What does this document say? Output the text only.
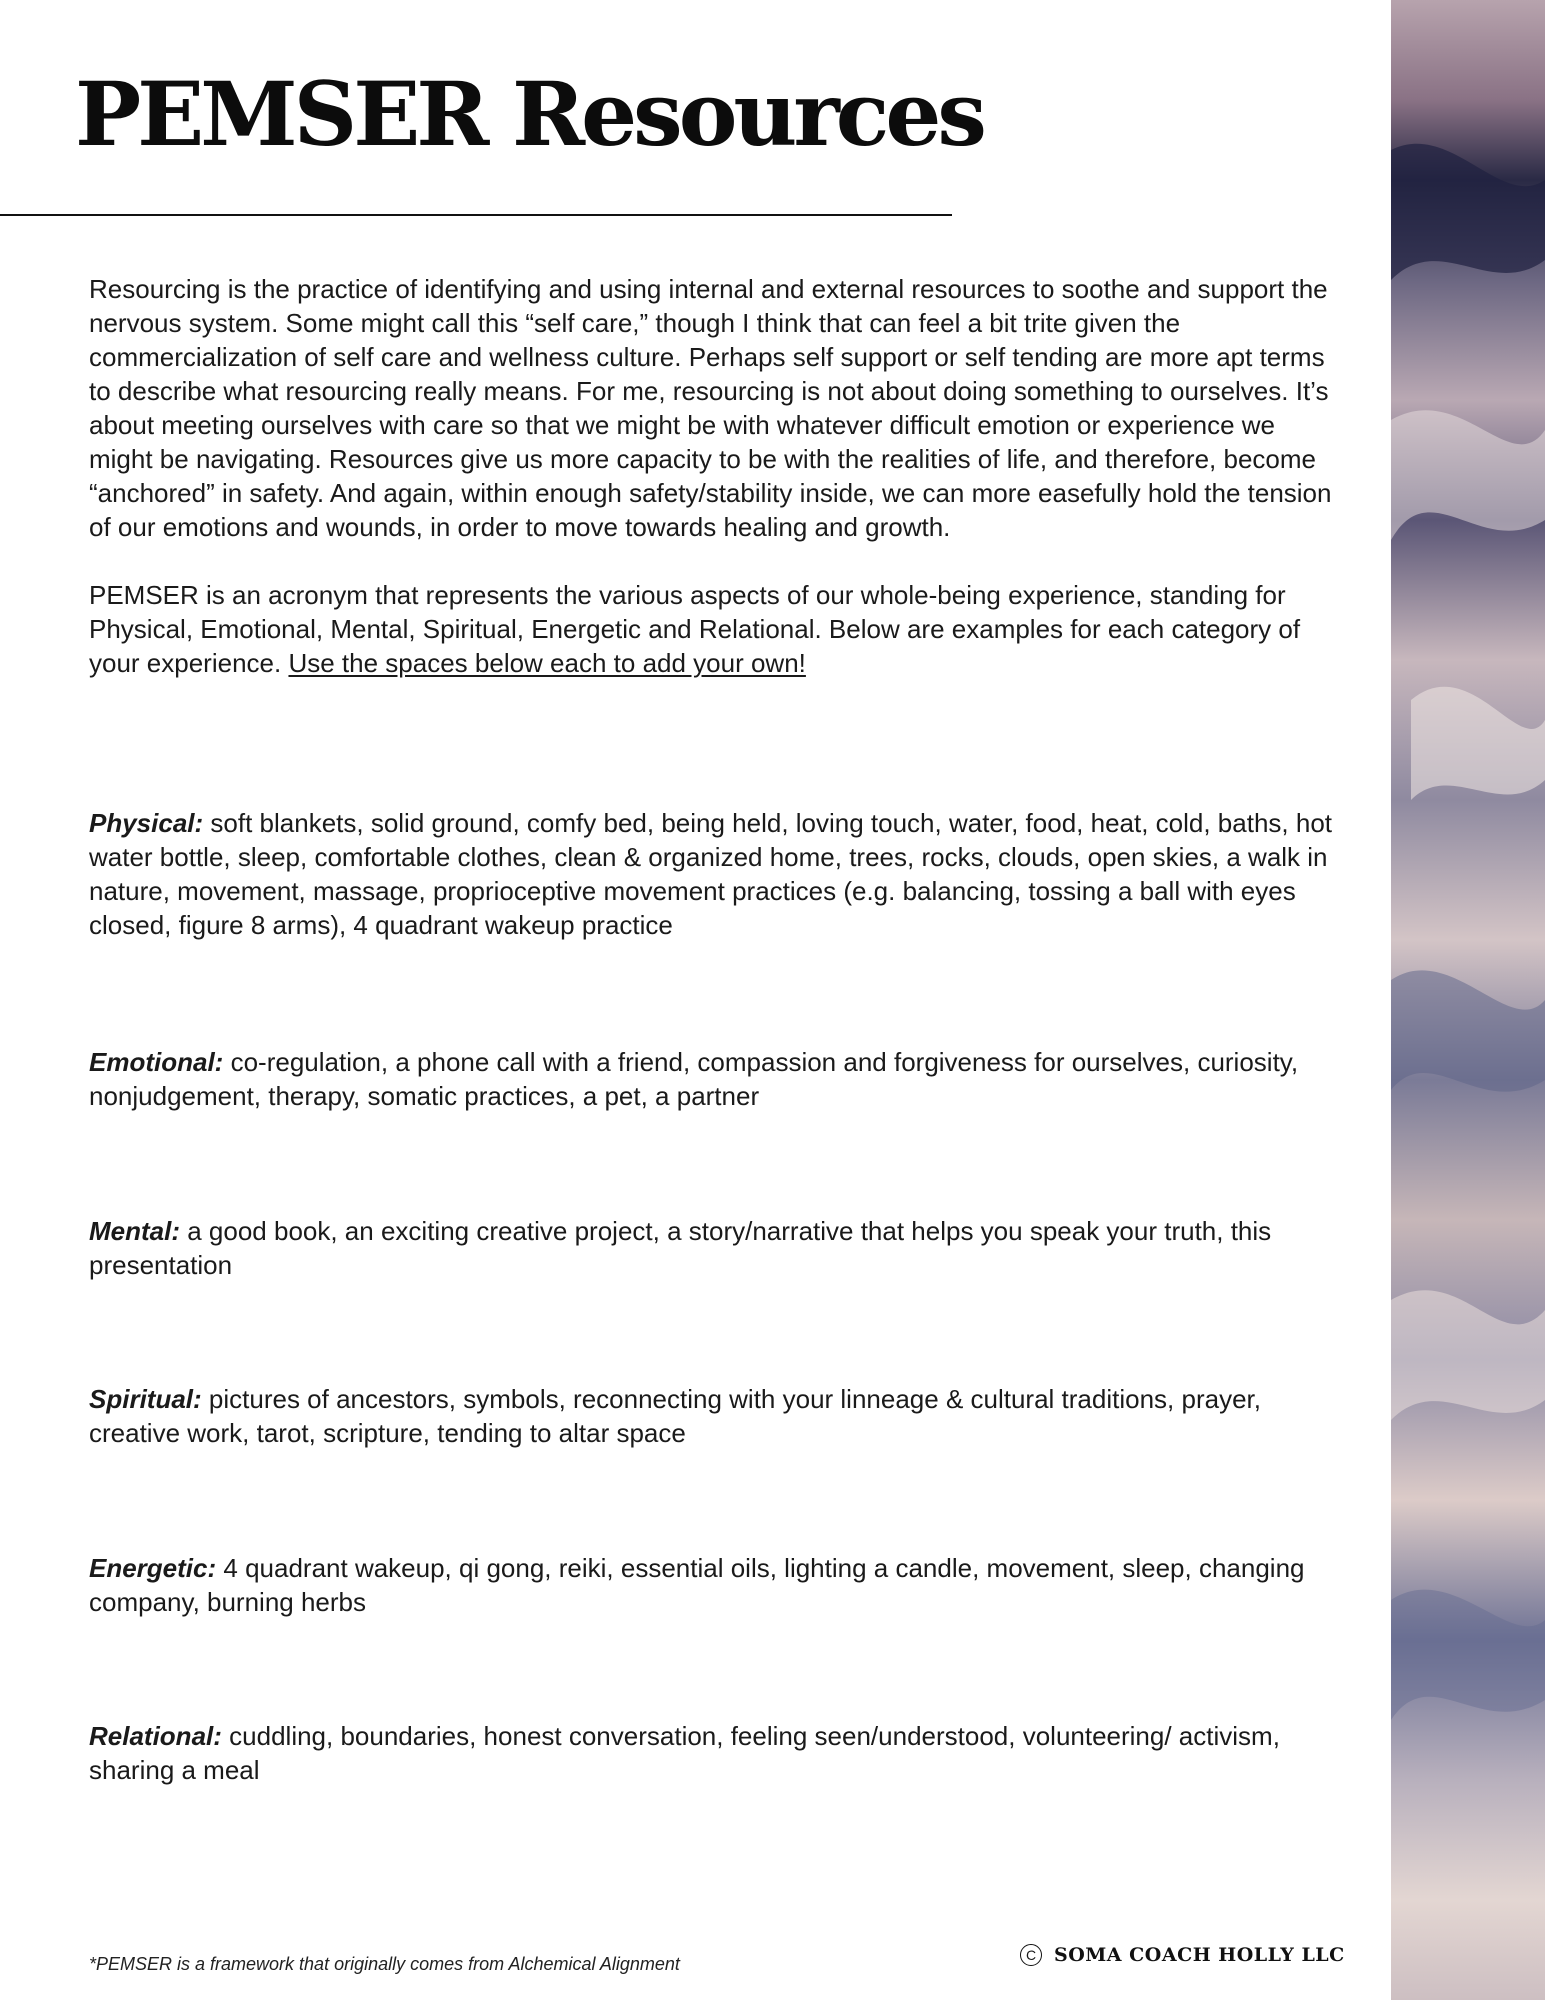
PEMSER Resources

Resourcing is the practice of identifying and using internal and external resources to soothe and support the nervous system. Some might call this “self care,” though I think that can feel a bit trite given the commercialization of self care and wellness culture. Perhaps self support or self tending are more apt terms to describe what resourcing really means. For me, resourcing is not about doing something to ourselves. It’s about meeting ourselves with care so that we might be with whatever difficult emotion or experience we might be navigating. Resources give us more capacity to be with the realities of life, and therefore, become “anchored” in safety. And again, within enough safety/stability inside, we can more easefully hold the tension of our emotions and wounds, in order to move towards healing and growth.

PEMSER is an acronym that represents the various aspects of our whole-being experience, standing for Physical, Emotional, Mental, Spiritual, Energetic and Relational. Below are examples for each category of your experience. Use the spaces below each to add your own!

Physical: soft blankets, solid ground, comfy bed, being held, loving touch, water, food, heat, cold, baths, hot water bottle, sleep, comfortable clothes, clean & organized home, trees, rocks, clouds, open skies, a walk in nature, movement, massage, proprioceptive movement practices (e.g. balancing, tossing a ball with eyes closed, figure 8 arms), 4 quadrant wakeup practice

Emotional: co-regulation, a phone call with a friend, compassion and forgiveness for ourselves, curiosity, nonjudgement, therapy, somatic practices, a pet, a partner

Mental: a good book, an exciting creative project, a story/narrative that helps you speak your truth, this presentation

Spiritual: pictures of ancestors, symbols, reconnecting with your linneage & cultural traditions, prayer, creative work, tarot, scripture, tending to altar space

Energetic: 4 quadrant wakeup, qi gong, reiki, essential oils, lighting a candle, movement, sleep, changing company, burning herbs

Relational: cuddling, boundaries, honest conversation, feeling seen/understood, volunteering/ activism, sharing a meal

*PEMSER is a framework that originally comes from Alchemical Alignment	C SOMA COACH HOLLY LLC
